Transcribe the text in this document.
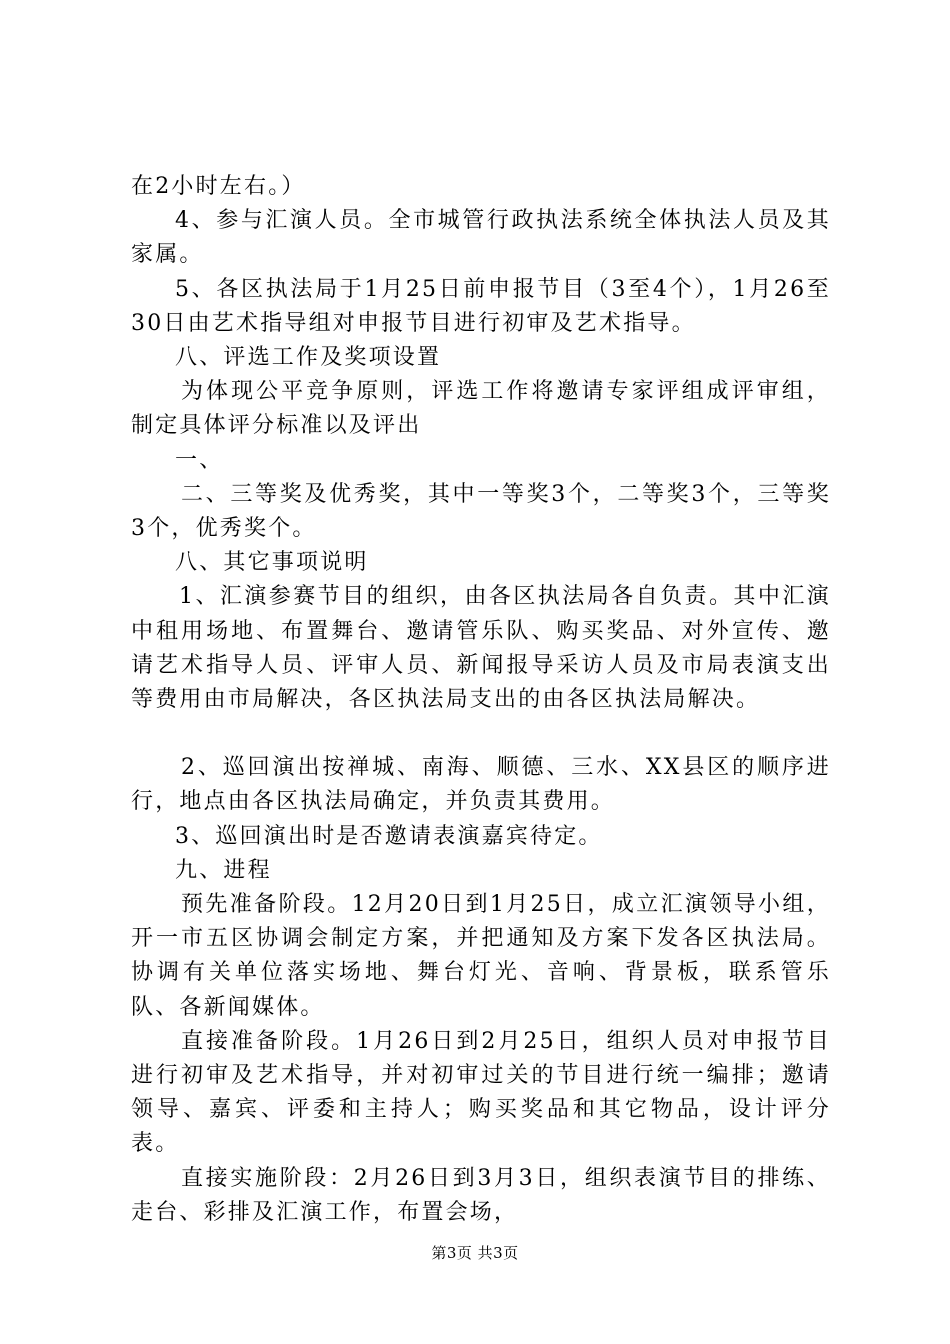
在2小时左右。）

4、参与汇演人员。全市城管行政执法系统全体执法人员及其家属。

5、各区执法局于1月25日前申报节目（3至4个），1月26至30日由艺术指导组对申报节目进行初审及艺术指导。

八、评选工作及奖项设置

为体现公平竞争原则，评选工作将邀请专家评组成评审组，制定具体评分标准以及评出

一、

二、三等奖及优秀奖，其中一等奖3个，二等奖3个，三等奖3个，优秀奖个。

八、其它事项说明

1、汇演参赛节目的组织，由各区执法局各自负责。其中汇演中租用场地、布置舞台、邀请管乐队、购买奖品、对外宣传、邀请艺术指导人员、评审人员、新闻报导采访人员及市局表演支出等费用由市局解决，各区执法局支出的由各区执法局解决。

2、巡回演出按禅城、南海、顺德、三水、XX县区的顺序进行，地点由各区执法局确定，并负责其费用。

3、巡回演出时是否邀请表演嘉宾待定。

九、进程

预先准备阶段。12月20日到1月25日，成立汇演领导小组，开一市五区协调会制定方案，并把通知及方案下发各区执法局。协调有关单位落实场地、舞台灯光、音响、背景板，联系管乐队、各新闻媒体。

直接准备阶段。1月26日到2月25日，组织人员对申报节目进行初审及艺术指导，并对初审过关的节目进行统一编排；邀请领导、嘉宾、评委和主持人；购买奖品和其它物品，设计评分表。

直接实施阶段：2月26日到3月3日，组织表演节目的排练、走台、彩排及汇演工作，布置会场，

第3页 共3页
